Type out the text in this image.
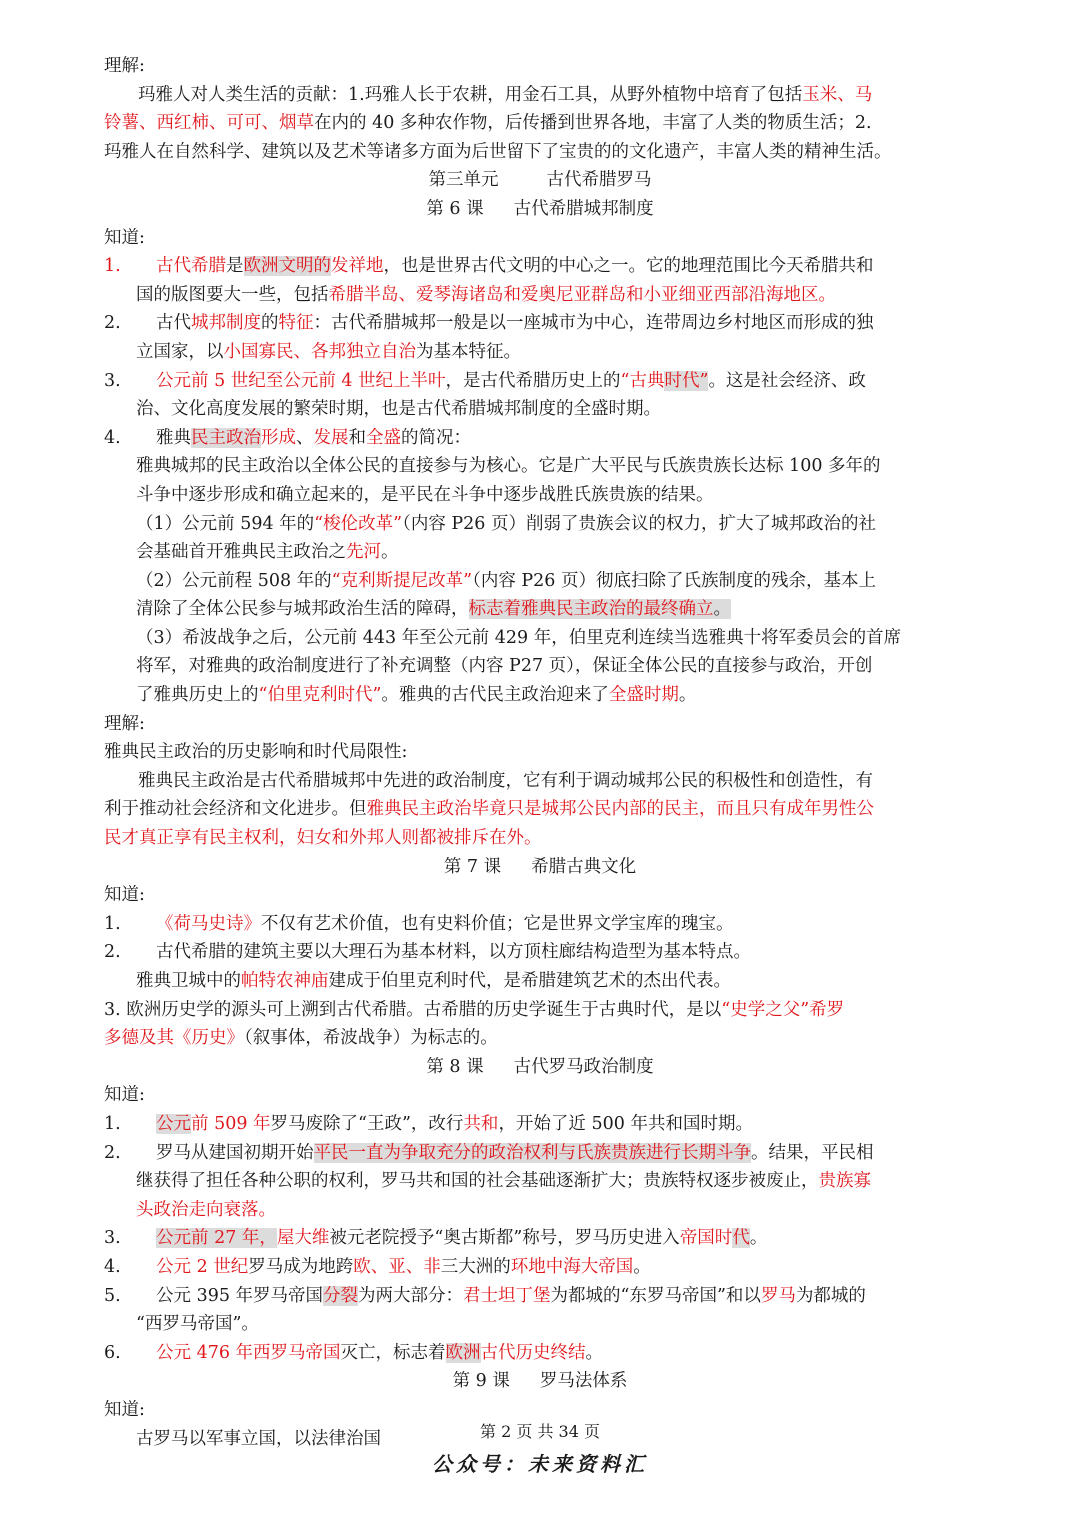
理解:
玛雅人对人类生活的贡献：1.玛雅人长于农耕，用金石工具，从野外植物中培育了包括玉米、马
铃薯、西红柿、可可、烟草在内的 40 多种农作物，后传播到世界各地，丰富了人类的物质生活；2.
玛雅人在自然科学、建筑以及艺术等诸多方面为后世留下了宝贵的的文化遗产，丰富人类的精神生活。
第三单元	古代希腊罗马
第 6 课 古代希腊城邦制度
知道:
1. 古代希腊是欧洲文明的发祥地，也是世界古代文明的中心之一。它的地理范围比今天希腊共和
国的版图要大一些，包括希腊半岛、爱琴海诸岛和爱奥尼亚群岛和小亚细亚西部沿海地区。
2. 古代城邦制度的特征：古代希腊城邦一般是以一座城市为中心，连带周边乡村地区而形成的独
立国家，以小国寡民、各邦独立自治为基本特征。
3. 公元前 5 世纪至公元前 4 世纪上半叶，是古代希腊历史上的“古典时代”。这是社会经济、政
治、文化高度发展的繁荣时期，也是古代希腊城邦制度的全盛时期。
4. 雅典民主政治形成、发展和全盛的简况：
雅典城邦的民主政治以全体公民的直接参与为核心。它是广大平民与氏族贵族长达标 100 多年的
斗争中逐步形成和确立起来的，是平民在斗争中逐步战胜氏族贵族的结果。
（1）公元前 594 年的“梭伦改革”（内容 P26 页）削弱了贵族会议的权力，扩大了城邦政治的社
会基础首开雅典民主政治之先河。
（2）公元前程 508 年的“克利斯提尼改革”（内容 P26 页）彻底扫除了氏族制度的残余，基本上
清除了全体公民参与城邦政治生活的障碍，标志着雅典民主政治的最终确立。
（3）希波战争之后，公元前 443 年至公元前 429 年，伯里克利连续当选雅典十将军委员会的首席
将军，对雅典的政治制度进行了补充调整（内容 P27 页），保证全体公民的直接参与政治，开创
了雅典历史上的“伯里克利时代”。雅典的古代民主政治迎来了全盛时期。
理解:
雅典民主政治的历史影响和时代局限性:
雅典民主政治是古代希腊城邦中先进的政治制度，它有利于调动城邦公民的积极性和创造性，有
利于推动社会经济和文化进步。但雅典民主政治毕竟只是城邦公民内部的民主，而且只有成年男性公
民才真正享有民主权利，妇女和外邦人则都被排斥在外。
第 7 课 希腊古典文化
知道:
1. 《荷马史诗》不仅有艺术价值，也有史料价值；它是世界文学宝库的瑰宝。
2. 古代希腊的建筑主要以大理石为基本材料，以方顶柱廊结构造型为基本特点。
雅典卫城中的帕特农神庙建成于伯里克利时代，是希腊建筑艺术的杰出代表。
3. 欧洲历史学的源头可上溯到古代希腊。古希腊的历史学诞生于古典时代，是以“史学之父”希罗
多德及其《历史》（叙事体，希波战争）为标志的。
第 8 课 古代罗马政治制度
知道:
1. 公元前 509 年罗马废除了“王政”，改行共和，开始了近 500 年共和国时期。
2. 罗马从建国初期开始平民一直为争取充分的政治权利与氏族贵族进行长期斗争。结果，平民相
继获得了担任各种公职的权利，罗马共和国的社会基础逐渐扩大；贵族特权逐步被废止，贵族寡
头政治走向衰落。
3. 公元前 27 年，屋大维被元老院授予“奥古斯都”称号，罗马历史进入帝国时代。
4. 公元 2 世纪罗马成为地跨欧、亚、非三大洲的环地中海大帝国。
5. 公元 395 年罗马帝国分裂为两大部分：君士坦丁堡为都城的“东罗马帝国”和以罗马为都城的
“西罗马帝国”。
6. 公元 476 年西罗马帝国灭亡，标志着欧洲古代历史终结。
第 9 课 罗马法体系
知道:
古罗马以军事立国，以法律治国	第 2 页 共 34 页
公众号：未来资料汇
